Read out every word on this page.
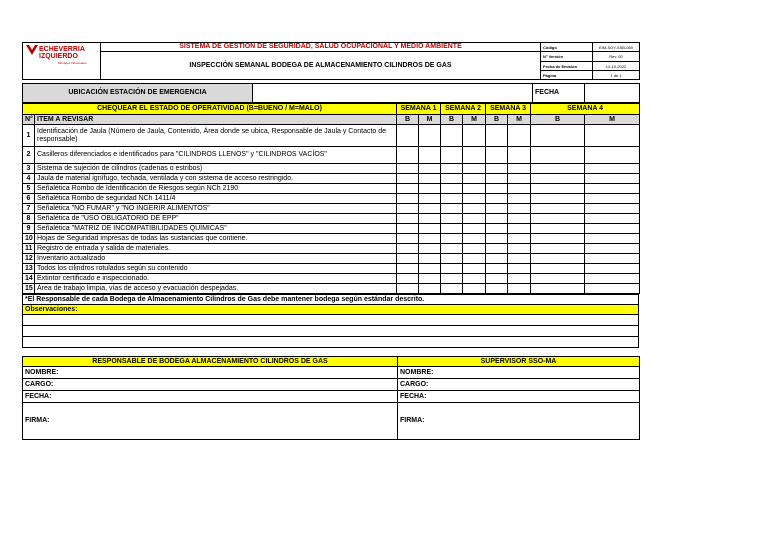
ECHEVERRIA
IZQUIERDO
Montajes Industriales	SISTEMA DE GESTIÓN DE SEGURIDAD, SALUD OCUPACIONAL Y MEDIO AMBIENTE	Código	EIM-SOY-SSB-060
	INSPECCIÓN SEMANAL BODEGA DE ALMACENAMIENTO CILINDROS DE GAS	N° Versión	Rev. 00
		Fecha de Emisión	12-10-2022
		Página	1 de 1
UBICACIÓN ESTACIÓN DE EMERGENCIA		FECHA	
CHEQUEAR EL ESTADO DE OPERATIVIDAD (B=BUENO / M=MALO)		SEMANA 1		SEMANA 2		SEMANA 3		SEMANA 4	
N°	ITEM A REVISAR	B	M	B	M	B	M	B	M
1	Identificación de Jaula (Número de Jaula, Contenido, Área donde se ubica, Responsable de Jaula y Contacto de responsable)								
2	Casilleros diferenciados e identificados para "CILINDROS LLENOS" y "CILINDROS VACÍOS"								
3	Sistema de sujeción de cilindros (cadenas o estribos)								
4	Jaula de material ignífugo, techada, ventilada y con sistema de acceso restringido.								
5	Señalética Rombo de Identificación de Riesgos según NCh 2190								
6	Señalética Rombo de seguridad NCh 1411/4								
7	Señalética "NO FUMAR" y "NO INGERIR ALIMENTOS"								
8	Señalética de "USO OBLIGATORIO DE EPP"								
9	Señalética "MATRIZ DE INCOMPATIBILIDADES QUÍMICAS"								
10	Hojas de Seguridad impresas de todas las sustancias que contiene.								
11	Registro de entrada y salida de materiales.								
12	Inventario actualizado								
13	Todos los cilindros rotulados según su contenido								
14	Extintor certificado e inspeccionado.								
15	Área de trabajo limpia, vías de acceso y evacuación despejadas.								
*El Responsable de cada Bodega de Almacenamiento Cilindros de Gas debe mantener bodega según estándar descrito.
Observaciones:

RESPONSABLE DE BODEGA ALMACENAMIENTO CILINDROS DE GAS	SUPERVISOR SSO-MA
NOMBRE:	NOMBRE:
CARGO:	CARGO:
FECHA:	FECHA:
FIRMA:	FIRMA:
